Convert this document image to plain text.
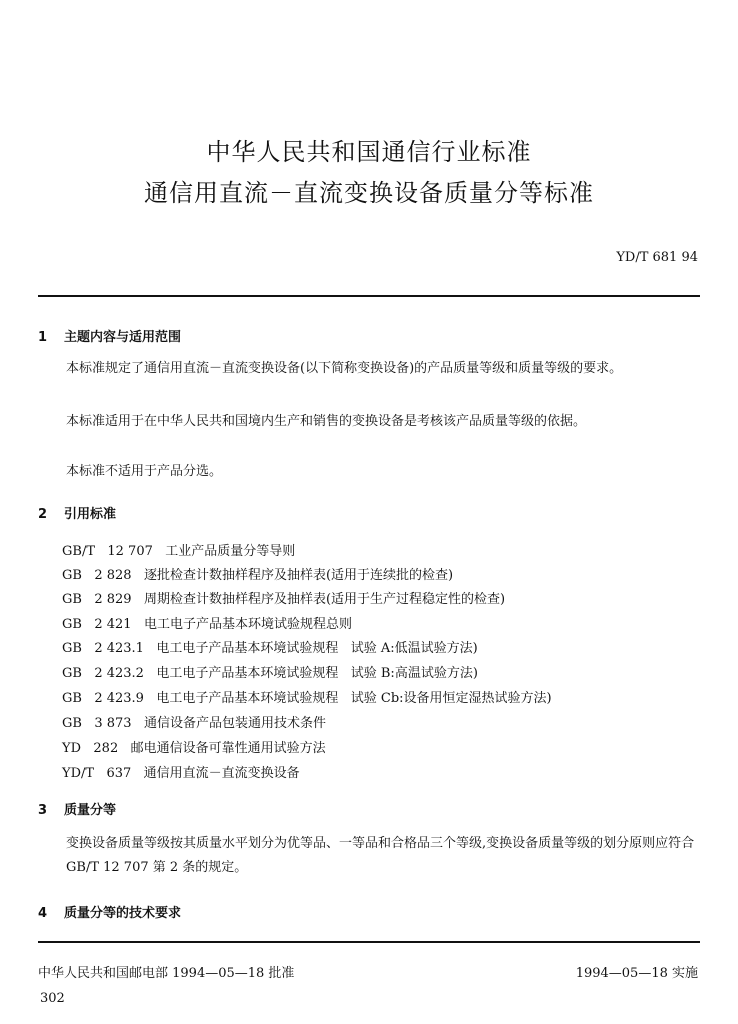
中华人民共和国通信行业标准
通信用直流－直流变换设备质量分等标准
YD/T 681 94
1 主题内容与适用范围
本标准规定了通信用直流－直流变换设备(以下简称变换设备)的产品质量等级和质量等级的要求。
本标准适用于在中华人民共和国境内生产和销售的变换设备是考核该产品质量等级的依据。
本标准不适用于产品分选。
2 引用标准
GB/T   12 707   工业产品质量分等导则
GB   2 828   逐批检查计数抽样程序及抽样表(适用于连续批的检查)
GB   2 829   周期检查计数抽样程序及抽样表(适用于生产过程稳定性的检查)
GB   2 421   电工电子产品基本环境试验规程总则
GB   2 423.1   电工电子产品基本环境试验规程   试验 A:低温试验方法)
GB   2 423.2   电工电子产品基本环境试验规程   试验 B:高温试验方法)
GB   2 423.9   电工电子产品基本环境试验规程   试验 Cb:设备用恒定湿热试验方法)
GB   3 873   通信设备产品包装通用技术条件
YD   282   邮电通信设备可靠性通用试验方法
YD/T   637   通信用直流－直流变换设备
3 质量分等
变换设备质量等级按其质量水平划分为优等品、一等品和合格品三个等级,变换设备质量等级的划分原则应符合 GB/T 12 707 第 2 条的规定。
4 质量分等的技术要求
中华人民共和国邮电部 1994—05—18 批准	1994—05—18 实施
302
